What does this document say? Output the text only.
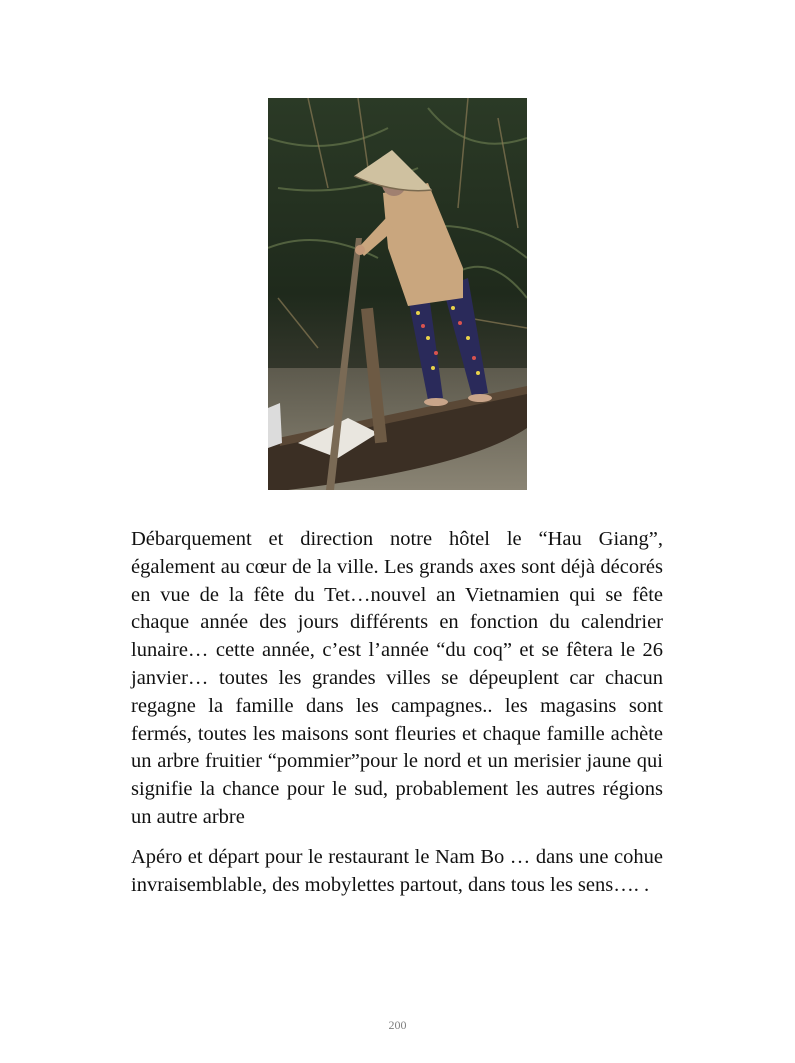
Débarquement et direction notre hôtel le “Hau Giang”, également au cœur de la ville. Les grands axes sont déjà décorés en vue de la fête du Tet…nouvel an Vietnamien qui se fête chaque année des jours différents en fonction du calendrier lunaire… cette année, c’est l’année “du coq” et se fêtera le 26 janvier… toutes les grandes villes se dépeuplent car chacun regagne la famille dans les campagnes.. les magasins sont fermés, toutes les maisons sont fleuries et chaque famille achète un arbre fruitier “pommier”pour le nord et un merisier jaune qui signifie la chance pour le sud, probablement les autres régions un autre arbre

Apéro et départ pour le restaurant le Nam Bo … dans une cohue invraisemblable, des mobylettes partout, dans tous les sens…. .

200
